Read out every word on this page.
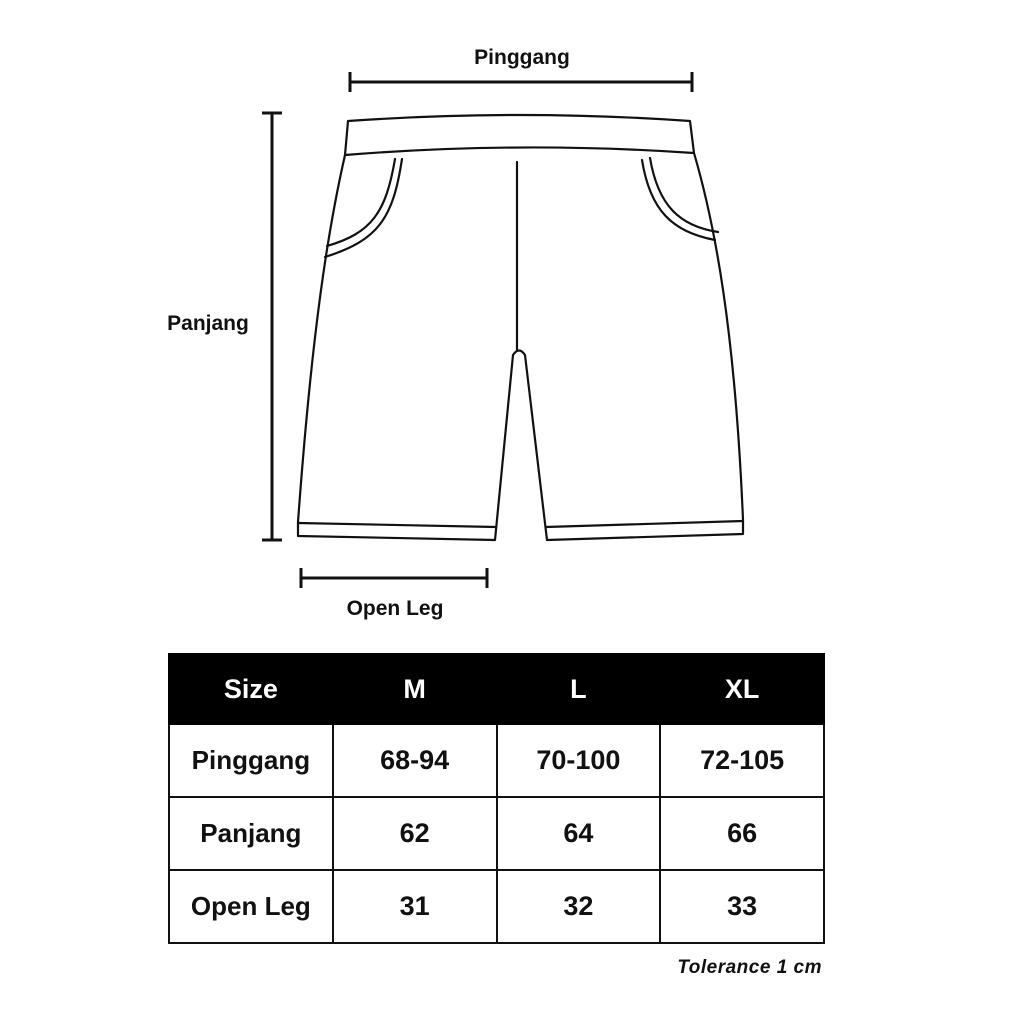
Pinggang
Panjang
Open Leg
Size	M	L	XL
Pinggang	68-94	70-100	72-105
Panjang	62	64	66
Open Leg	31	32	33
Tolerance 1 cm
